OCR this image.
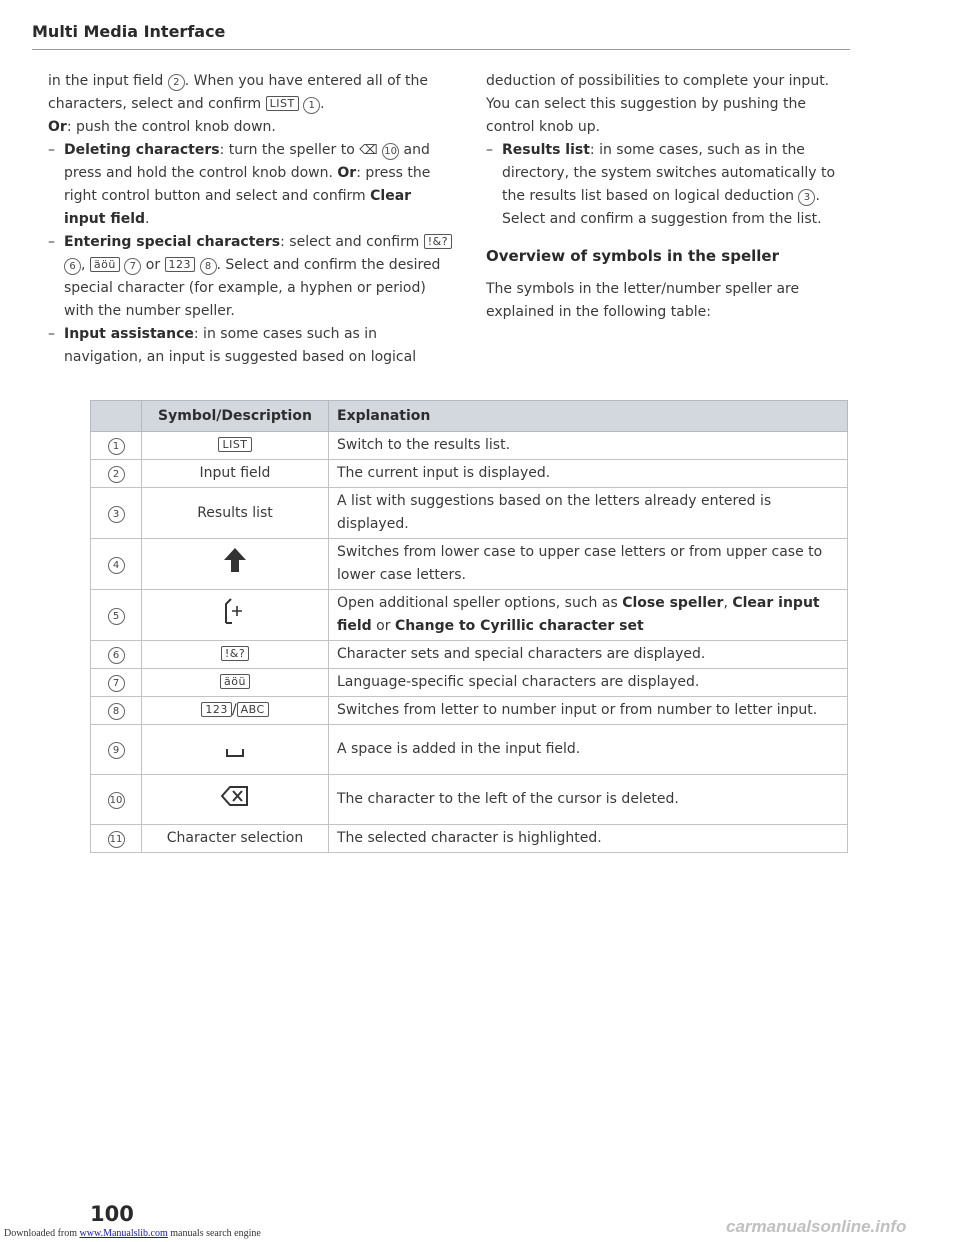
Multi Media Interface

in the input field 2 . When you have entered all of the characters, select and confirm LIST 1 .

Or: push the control knob down.

– Deleting characters: turn the speller to ⌫ 10 and press and hold the control knob down. Or: press the right control button and select and confirm Clear input field.

– Entering special characters: select and confirm !&? 6 , äöü 7 or 123 8 . Select and confirm the desired special character (for example, a hyphen or period) with the number speller.

– Input assistance: in some cases such as in navigation, an input is suggested based on logical

deduction of possibilities to complete your input. You can select this suggestion by pushing the control knob up.

– Results list: in some cases, such as in the directory, the system switches automatically to the results list based on logical deduction 3 . Select and confirm a suggestion from the list.

Overview of symbols in the speller

The symbols in the letter/number speller are explained in the following table:

	Symbol/Description	Explanation
1	LIST	Switch to the results list.
2	Input field	The current input is displayed.
3	Results list	A list with suggestions based on the letters already entered is displayed.
4		Switches from lower case to upper case letters or from upper case to lower case letters.
5		Open additional speller options, such as Close speller, Clear input field or Change to Cyrillic character set
6	!&?	Character sets and special characters are displayed.
7	äöü	Language-specific special characters are displayed.
8	123 / ABC	Switches from letter to number input or from number to letter input.
9		A space is added in the input field.
10		The character to the left of the cursor is deleted.
11	Character selection	The selected character is highlighted.
100
Downloaded from www.Manualslib.com manuals search engine	carmanualsonline.info
